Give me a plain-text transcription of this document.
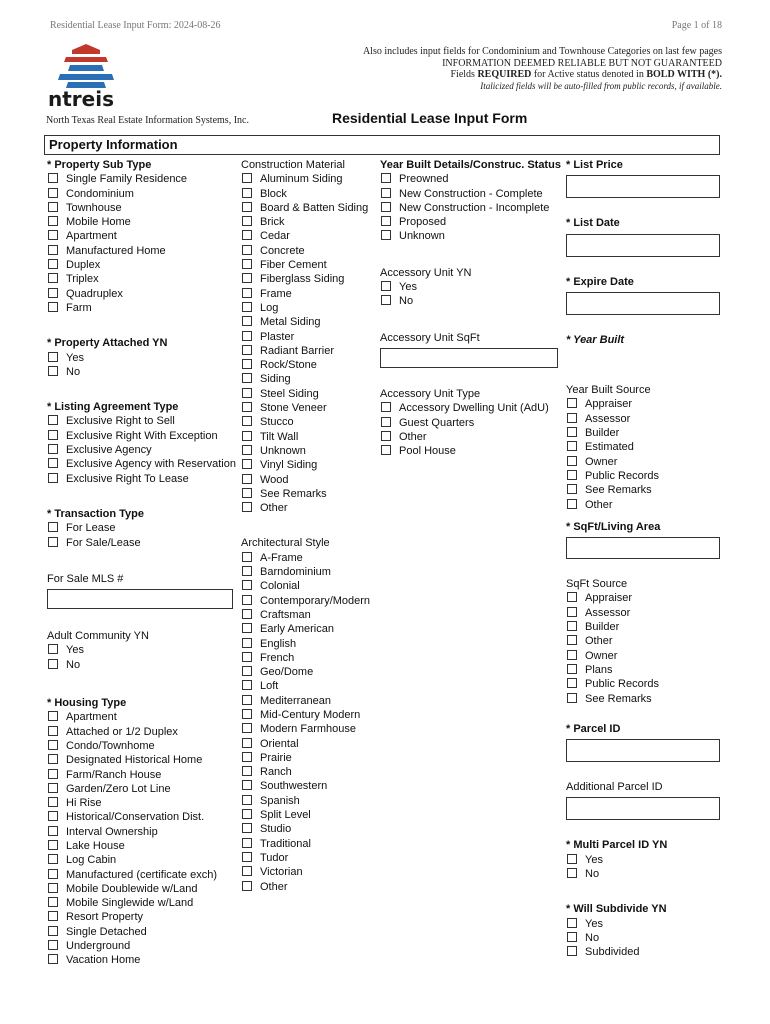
Residential Lease Input Form: 2024-08-26	Page 1 of 18
ntreis
Also includes input fields for Condominium and Townhouse Categories on last few pages
INFORMATION DEEMED RELIABLE BUT NOT GUARANTEED
Fields REQUIRED for Active status denoted in BOLD WITH (*).
Italicized fields will be auto-filled from public records, if available.
North Texas Real Estate Information Systems, Inc.	Residential Lease Input Form
Property Information
* Property Sub Type
Single Family Residence
Condominium
Townhouse
Mobile Home
Apartment
Manufactured Home
Duplex
Triplex
Quadruplex
Farm
* Property Attached YN
Yes
No
* Listing Agreement Type
Exclusive Right to Sell
Exclusive Right With Exception
Exclusive Agency
Exclusive Agency with Reservation
Exclusive Right To Lease
* Transaction Type
For Lease
For Sale/Lease
For Sale MLS #
Adult Community YN
Yes
No
* Housing Type
Apartment
Attached or 1/2 Duplex
Condo/Townhome
Designated Historical Home
Farm/Ranch House
Garden/Zero Lot Line
Hi Rise
Historical/Conservation Dist.
Interval Ownership
Lake House
Log Cabin
Manufactured (certificate exch)
Mobile Doublewide w/Land
Mobile Singlewide w/Land
Resort Property
Single Detached
Underground
Vacation Home
Construction Material
Aluminum Siding
Block
Board & Batten Siding
Brick
Cedar
Concrete
Fiber Cement
Fiberglass Siding
Frame
Log
Metal Siding
Plaster
Radiant Barrier
Rock/Stone
Siding
Steel Siding
Stone Veneer
Stucco
Tilt Wall
Unknown
Vinyl Siding
Wood
See Remarks
Other
Architectural Style
A-Frame
Barndominium
Colonial
Contemporary/Modern
Craftsman
Early American
English
French
Geo/Dome
Loft
Mediterranean
Mid-Century Modern
Modern Farmhouse
Oriental
Prairie
Ranch
Southwestern
Spanish
Split Level
Studio
Traditional
Tudor
Victorian
Other
Year Built Details/Construc. Status
Preowned
New Construction - Complete
New Construction - Incomplete
Proposed
Unknown
Accessory Unit YN
Yes
No
Accessory Unit SqFt
Accessory Unit Type
Accessory Dwelling Unit (AdU)
Guest Quarters
Other
Pool House
* List Price
* List Date
* Expire Date
* Year Built
Year Built Source
Appraiser
Assessor
Builder
Estimated
Owner
Public Records
See Remarks
Other
* SqFt/Living Area
SqFt Source
Appraiser
Assessor
Builder
Other
Owner
Plans
Public Records
See Remarks
* Parcel ID
Additional Parcel ID
* Multi Parcel ID YN
Yes
No
* Will Subdivide YN
Yes
No
Subdivided
